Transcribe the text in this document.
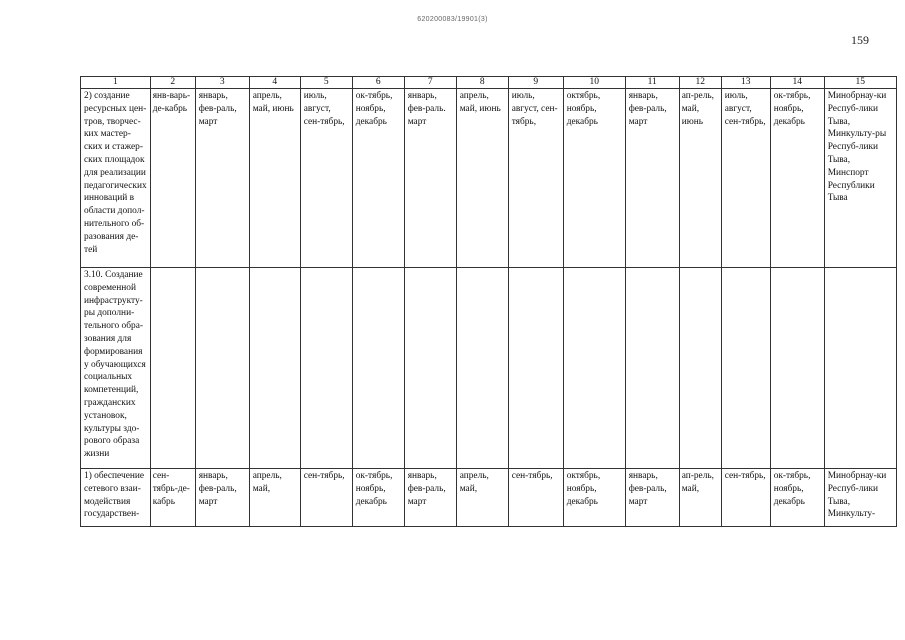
620200083/19901(3)
159
1	2	3	4	5	6	7	8	9	10	11	12	13	14	15
2) создание ресурсных цен-тров, творчес-ких мастер-ских и стажер-ских площадок для реализации педагогических инноваций в области допол-нительного об-разования де-тей	янв-варь-де-кабрь	январь, фев-раль, март	апрель, май, июнь	июль, август, сен-тябрь,	ок-тябрь, ноябрь, декабрь	январь, фев-раль. март	апрель, май, июнь	июль, август, сен-тябрь,	октябрь, ноябрь, декабрь	январь, фев-раль, март	ап-рель, май, июнь	июль, август, сен-тябрь,	ок-тябрь, ноябрь, декабрь	Минобрнау-ки Респуб-лики Тыва, Минкульту-ры Респуб-лики Тыва, Минспорт Республики Тыва
3.10. Создание современной инфраструкту-ры дополни-тельного обра-зования для формирования у обучающихся социальных компетенций, гражданских установок, культуры здо-рового образа жизни														
1) обеспечение сетевого взаи-модействия государствен-	сен-тябрь-де-кабрь	январь, фев-раль, март	апрель, май,	сен-тябрь,	ок-тябрь, ноябрь, декабрь	январь, фев-раль, март	апрель, май,	сен-тябрь,	октябрь, ноябрь, декабрь	январь, фев-раль, март	ап-рель, май,	сен-тябрь,	ок-тябрь, ноябрь, декабрь	Минобрнау-ки Респуб-лики Тыва, Минкульту-
